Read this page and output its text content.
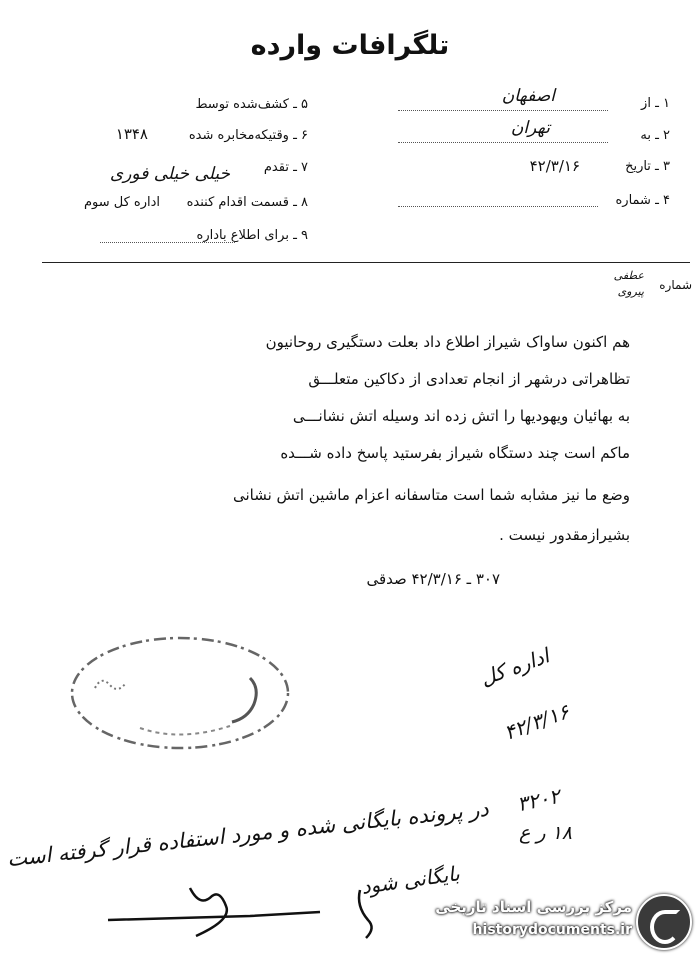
تلگرافات وارده
۱ ـ از
اصفهان
۲ ـ به
تهران
۳ ـ تاریخ
۴۲/۳/۱۶
۴ ـ شماره
۵ ـ کشف‌شده توسط
۶ ـ وقتیکه‌مخابره شده
۱۳۴۸
۷ ـ تقدم
خیلی خیلی فوری
۸ ـ قسمت اقدام کننده
اداره کل سوم
۹ ـ برای اطلاع باداره
شماره
عطفی پیروی
هم اکنون ساواک شیراز اطلاع داد بعلت دستگیری روحانیون
تظاهراتی درشهر از انجام تعدادی از دکاکین متعلـــق
به بهائیان ویهودیها را اتش زده اند وسیله اتش نشانـــی
ماکم است چند دستگاه شیراز بفرستید پاسخ داده شـــده
وضع ما نیز مشابه شما است متاسفانه اعزام ماشین اتش نشانی
بشیرازمقدور نیست .
۳۰۷ ـ ۴۲/۳/۱۶ صدقی
اداره کل
۴۲/۳/۱۶
۳۲۰۲
۱۸ ر ع
در پرونده بایگانی شده و مورد استفاده قرار گرفته است
بایگانی شود
مرکز بررسی اسناد تاریخی
historydocuments.ir
